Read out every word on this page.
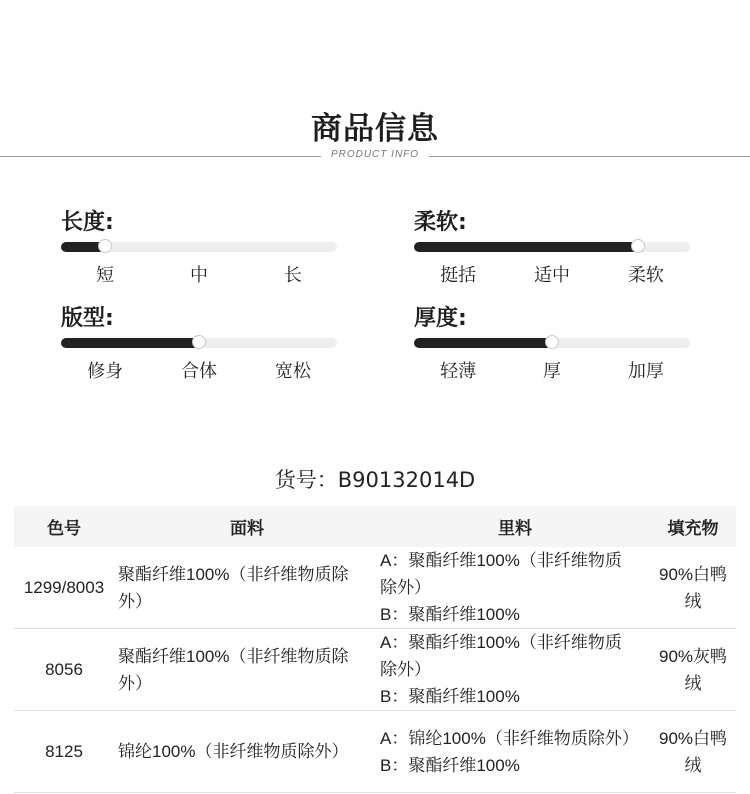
商品信息
PRODUCT INFO
长度:
短	中	长
柔软:
挺括	适中	柔软
版型:
修身	合体	宽松
厚度:
轻薄	厚	加厚
货号：B90132014D
色号	面料	里料	填充物
1299/8003	聚酯纤维100%（非纤维物质除外）	A：聚酯纤维100%（非纤维物质除外）
B：聚酯纤维100%	90%白鸭绒
8056	聚酯纤维100%（非纤维物质除外）	A：聚酯纤维100%（非纤维物质除外）
B：聚酯纤维100%	90%灰鸭绒
8125	锦纶100%（非纤维物质除外）	A：锦纶100%（非纤维物质除外）
B：聚酯纤维100%	90%白鸭绒
